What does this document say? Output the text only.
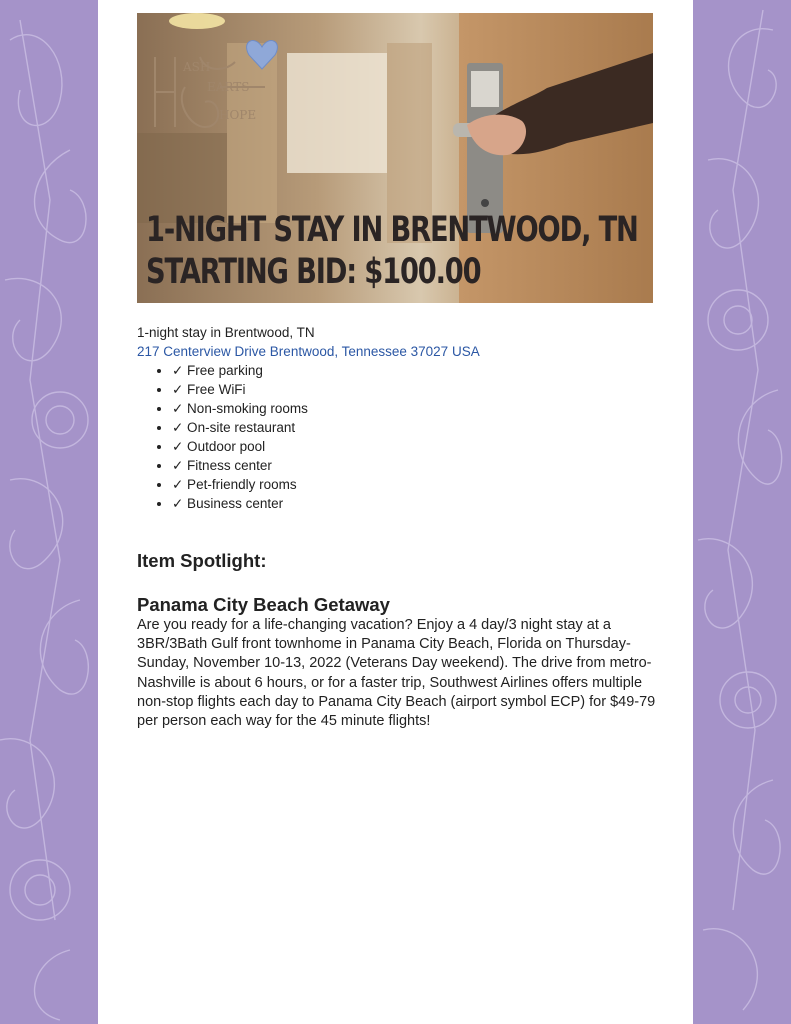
ASH
EARTS
HOPE
1-NIGHT STAY IN BRENTWOOD, TN
STARTING BID: $100.00

1-night stay in Brentwood, TN

217 Centerview Drive Brentwood, Tennessee 37027 USA

• ✓ Free parking
• ✓ Free WiFi
• ✓ Non-smoking rooms
• ✓ On-site restaurant
• ✓ Outdoor pool
• ✓ Fitness center
• ✓ Pet-friendly rooms
• ✓ Business center
Item Spotlight:
Panama City Beach Getaway

Are you ready for a life-changing vacation? Enjoy a 4 day/3 night stay at a 3BR/3Bath Gulf front townhome in Panama City Beach, Florida on Thursday-Sunday, November 10-13, 2022 (Veterans Day weekend). The drive from metro-Nashville is about 6 hours, or for a faster trip, Southwest Airlines offers multiple non-stop flights each day to Panama City Beach (airport symbol ECP) for $49-79 per person each way for the 45 minute flights!
